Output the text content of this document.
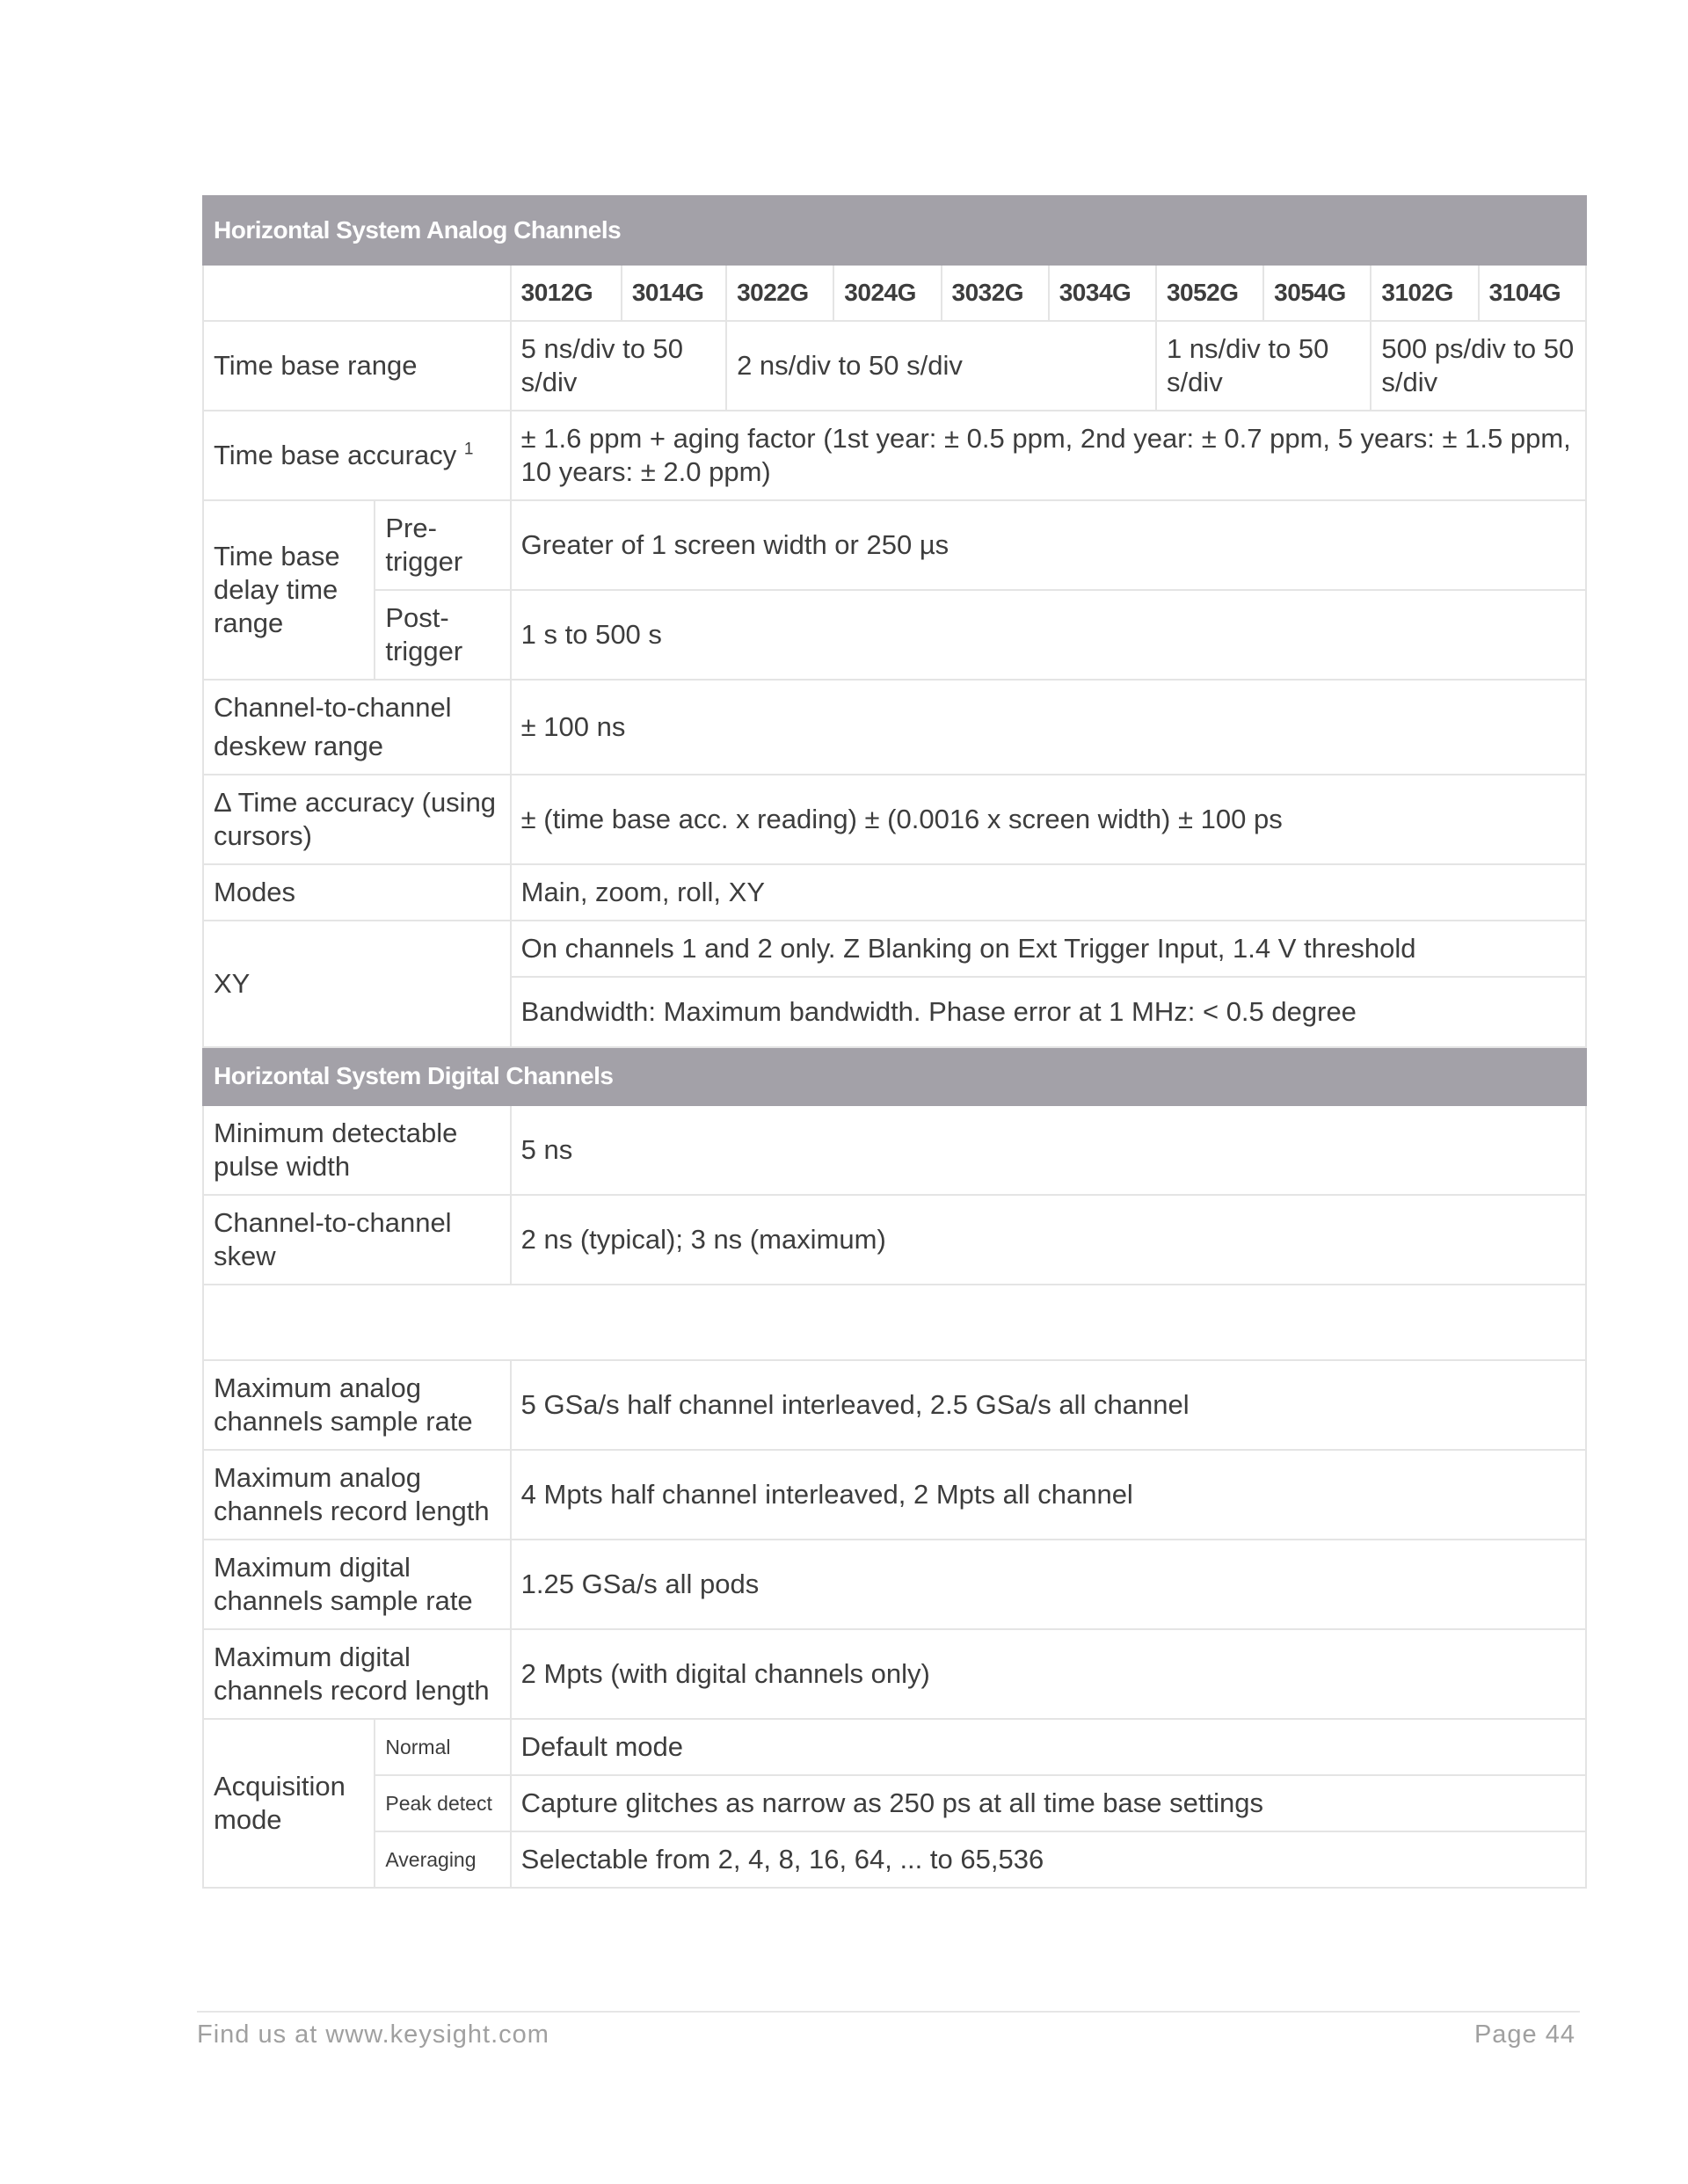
Horizontal System Analog Channels											
		3012G	3014G	3022G	3024G	3032G	3034G	3052G	3054G	3102G	3104G
Time base range		5 ns/div to 50 s/div		2 ns/div to 50 s/div				1 ns/div to 50 s/div		500 ps/div to 50 s/div	
Time base accuracy $^1$		± 1.6 ppm + aging factor (1st year: ± 0.5 ppm, 2nd year: ± 0.7 ppm, 5 years: ± 1.5 ppm, 10 years: ± 2.0 ppm)									
Time base delay time range	Pre-trigger	Greater of 1 screen width or 250 µs									
	Post-trigger	1 s to 500 s									
Channel-to-channel deskew range		± 100 ns									
Δ Time accuracy (using cursors)		± (time base acc. x reading) ± (0.0016 x screen width) ± 100 ps									
Modes		Main, zoom, roll, XY									
XY		On channels 1 and 2 only. Z Blanking on Ext Trigger Input, 1.4 V threshold									
		Bandwidth: Maximum bandwidth. Phase error at 1 MHz: < 0.5 degree									
Horizontal System Digital Channels											
Minimum detectable pulse width		5 ns									
Channel-to-channel skew		2 ns (typical); 3 ns (maximum)									

Maximum analog channels sample rate		5 GSa/s half channel interleaved, 2.5 GSa/s all channel									
Maximum analog channels record length		4 Mpts half channel interleaved, 2 Mpts all channel									
Maximum digital channels sample rate		1.25 GSa/s all pods									
Maximum digital channels record length		2 Mpts (with digital channels only)									
Acquisition mode	Normal	Default mode									
	Peak detect	Capture glitches as narrow as 250 ps at all time base settings									
	Averaging	Selectable from 2, 4, 8, 16, 64, ... to 65,536									
Find us at www.keysight.com	Page 44
